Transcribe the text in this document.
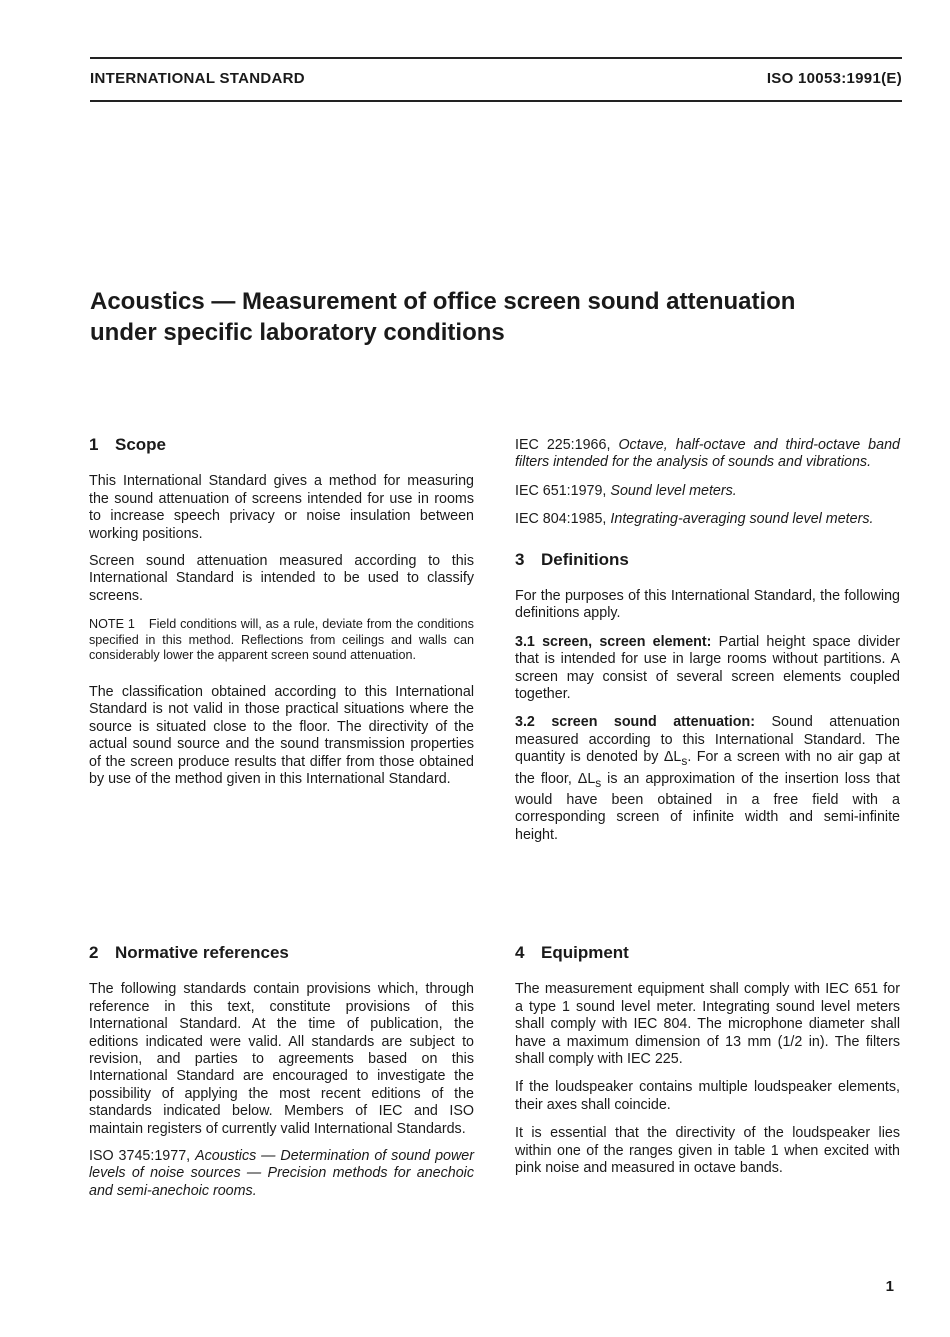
INTERNATIONAL STANDARD	ISO 10053:1991(E)
Acoustics — Measurement of office screen sound attenuation
under specific laboratory conditions
1 Scope

This International Standard gives a method for measuring the sound attenuation of screens intended for use in rooms to increase speech privacy or noise insulation between working positions.

Screen sound attenuation measured according to this International Standard is intended to be used to classify screens.

NOTE 1 Field conditions will, as a rule, deviate from the conditions specified in this method. Reflections from ceilings and walls can considerably lower the apparent screen sound attenuation.

The classification obtained according to this International Standard is not valid in those practical situations where the source is situated close to the floor. The directivity of the actual sound source and the sound transmission properties of the screen produce results that differ from those obtained by use of the method given in this International Standard.

2 Normative references

The following standards contain provisions which, through reference in this text, constitute provisions of this International Standard. At the time of publication, the editions indicated were valid. All standards are subject to revision, and parties to agreements based on this International Standard are encouraged to investigate the possibility of applying the most recent editions of the standards indicated below. Members of IEC and ISO maintain registers of currently valid International Standards.

ISO 3745:1977, Acoustics — Determination of sound power levels of noise sources — Precision methods for anechoic and semi-anechoic rooms.

IEC 225:1966, Octave, half-octave and third-octave band filters intended for the analysis of sounds and vibrations.

IEC 651:1979, Sound level meters.

IEC 804:1985, Integrating-averaging sound level meters.

3 Definitions

For the purposes of this International Standard, the following definitions apply.

3.1 screen, screen element: Partial height space divider that is intended for use in large rooms without partitions. A screen may consist of several screen elements coupled together.

3.2 screen sound attenuation: Sound attenuation measured according to this International Standard. The quantity is denoted by $\Delta L_s$. For a screen with no air gap at the floor, $\Delta L_s$ is an approximation of the insertion loss that would have been obtained in a free field with a corresponding screen of infinite width and semi-infinite height.

4 Equipment

The measurement equipment shall comply with IEC 651 for a type 1 sound level meter. Integrating sound level meters shall comply with IEC 804. The microphone diameter shall have a maximum dimension of 13 mm (1/2 in). The filters shall comply with IEC 225.

If the loudspeaker contains multiple loudspeaker elements, their axes shall coincide.

It is essential that the directivity of the loudspeaker lies within one of the ranges given in table 1 when excited with pink noise and measured in octave bands.

1
